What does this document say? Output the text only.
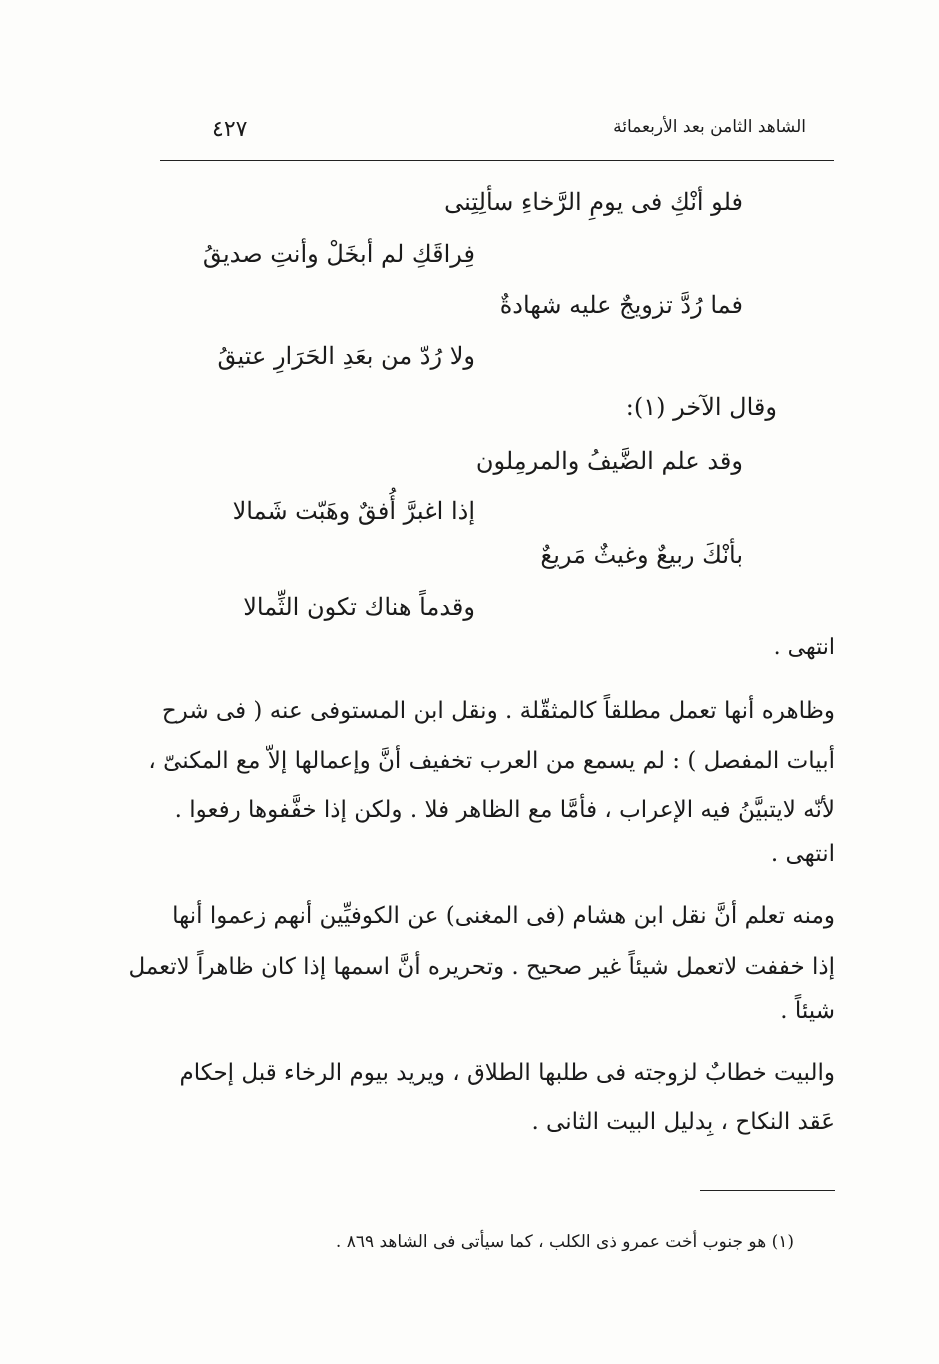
الشاهد الثامن بعد الأربعمائة
٤٢٧
فلو أنْكِ فى يومِ الرَّخاءِ سألِتِنى
فِراقَكِ لم أبخَلْ وأنتِ صديقُ
فما رُدَّ تزويجٌ عليه شهادةٌ
ولا رُدّ من بعَدِ الحَرَارِ عتيقُ
وقال الآخر (١):
وقد علم الضَّيفُ والمرمِلون
إذا اغبرَّ أُفقٌ وهَبّت شَمالا
بأنْكَ ربيعٌ وغيثٌ مَريعٌ
وقدماً هناك تكون الثِّمالا
انتهى .
وظاهره أنها تعمل مطلقاً كالمثقّلة . ونقل ابن المستوفى عنه ( فى شرح
أبيات المفصل ) : لم يسمع من العرب تخفيف أنَّ وإعمالها إلاّ مع المكنىّ ،
لأنّه لايتبيَّنُ فيه الإعراب ، فأمَّا مع الظاهر فلا . ولكن إذا خفَّفوها رفعوا .
انتهى .
ومنه تعلم أنَّ نقل ابن هشام (فى المغنى) عن الكوفيِّين أنهم زعموا أنها
إذا خففت لاتعمل شيئاً غير صحيح . وتحريره أنَّ اسمها إذا كان ظاهراً لاتعمل
شيئاً .
والبيت خطابٌ لزوجته فى طلبها الطلاق ، ويريد بيوم الرخاء قبل إحكام
عَقد النكاح ، بِدليل البيت الثانى .
(١) هو جنوب أخت عمرو ذى الكلب ، كما سيأتى فى الشاهد ٨٦٩ .
